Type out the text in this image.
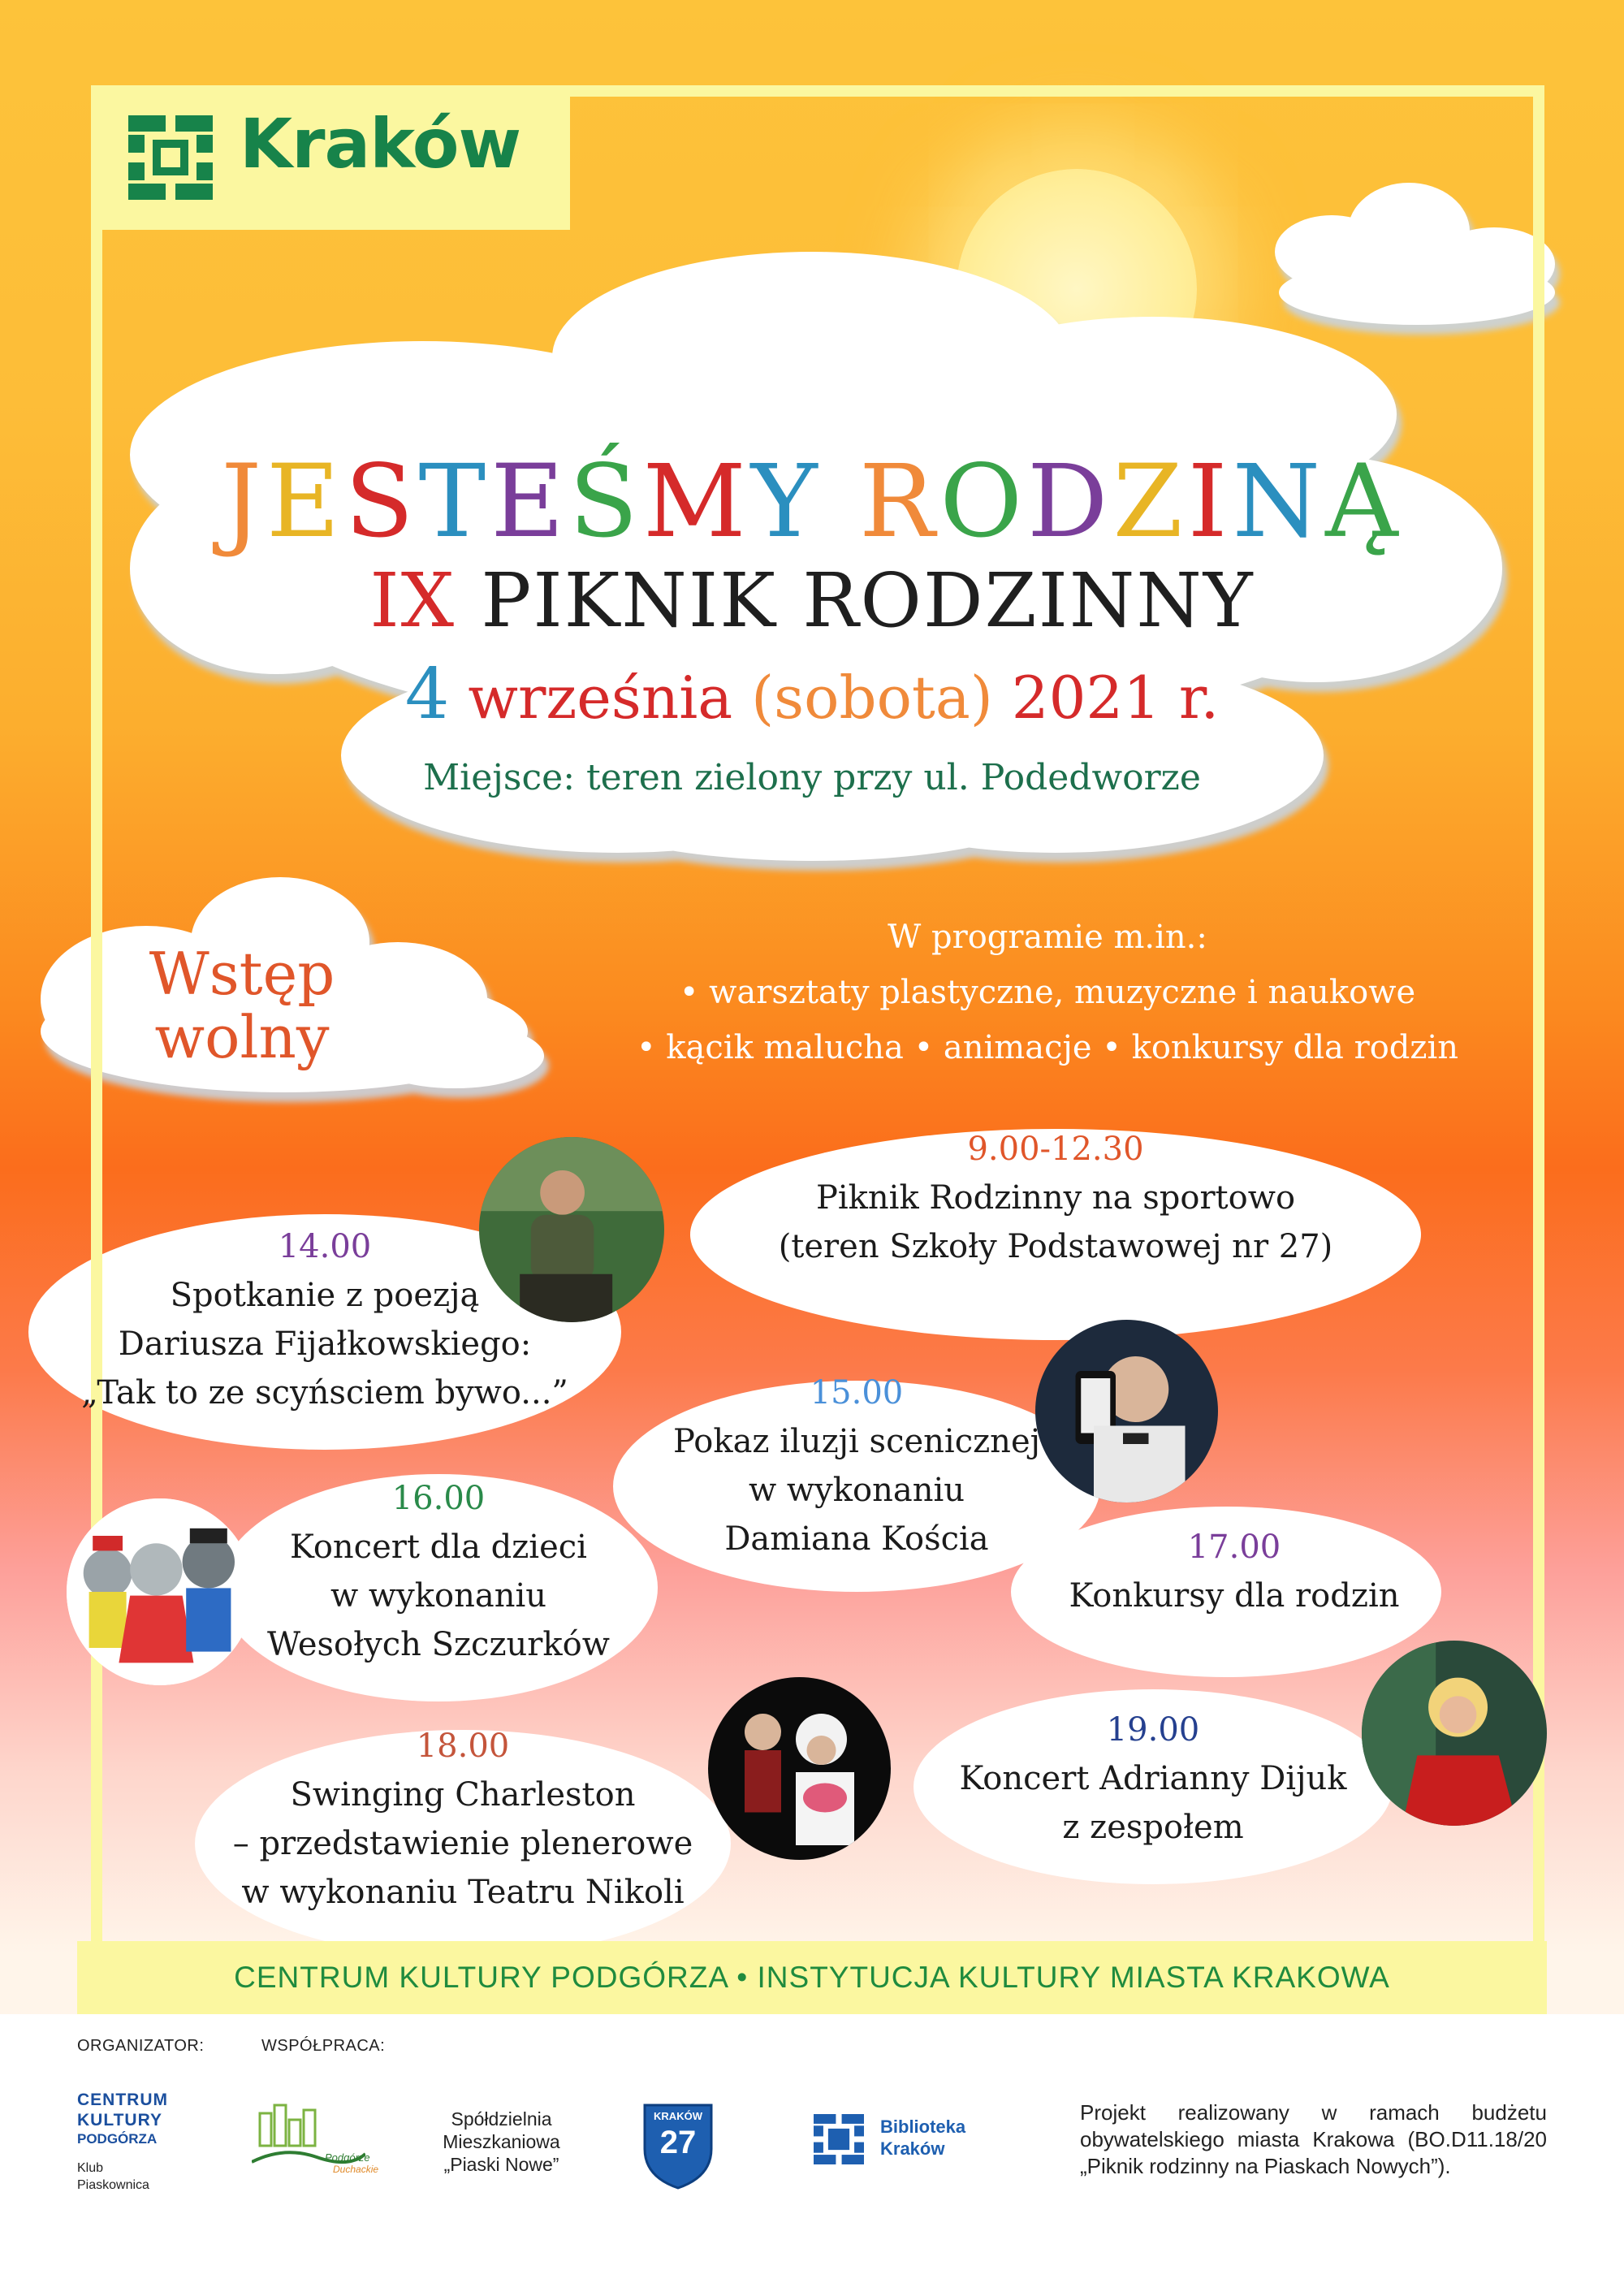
Kraków
JESTEŚMY RODZINĄ
IX PIKNIK RODZINNY
4 września (sobota) 2021 r.
Miejsce: teren zielony przy ul. Podedworze
Wstęp
wolny
W programie m.in.:
• warsztaty plastyczne, muzyczne i naukowe
• kącik malucha • animacje • konkursy dla rodzin
9.00-12.30
Piknik Rodzinny na sportowo
(teren Szkoły Podstawowej nr 27)
14.00
Spotkanie z poezją
Dariusza Fijałkowskiego:
„Tak to ze scyńsciem bywo...”	15.00
Pokaz iluzji scenicznej
w wykonaniu
Damiana Kościa
16.00
Koncert dla dzieci
w wykonaniu
Wesołych Szczurków
17.00
Konkursy dla rodzin
18.00
Swinging Charleston
– przedstawienie plenerowe
w wykonaniu Teatru Nikoli
19.00
Koncert Adrianny Dijuk
z zespołem
CENTRUM KULTURY PODGÓRZA • INSTYTUCJA KULTURY MIASTA KRAKOWA
ORGANIZATOR:	WSPÓŁPRACA:
CENTRUM
KULTURY
PODGÓRZA
Klub
Piaskownica
Podgórze
Duchackie
Spółdzielnia
Mieszkaniowa
„Piaski Nowe”
KRAKÓW
27	Biblioteka
Kraków
Projekt realizowany w ramach budżetu
obywatelskiego miasta Krakowa (BO.D11.18/20
„Piknik rodzinny na Piaskach Nowych”).
